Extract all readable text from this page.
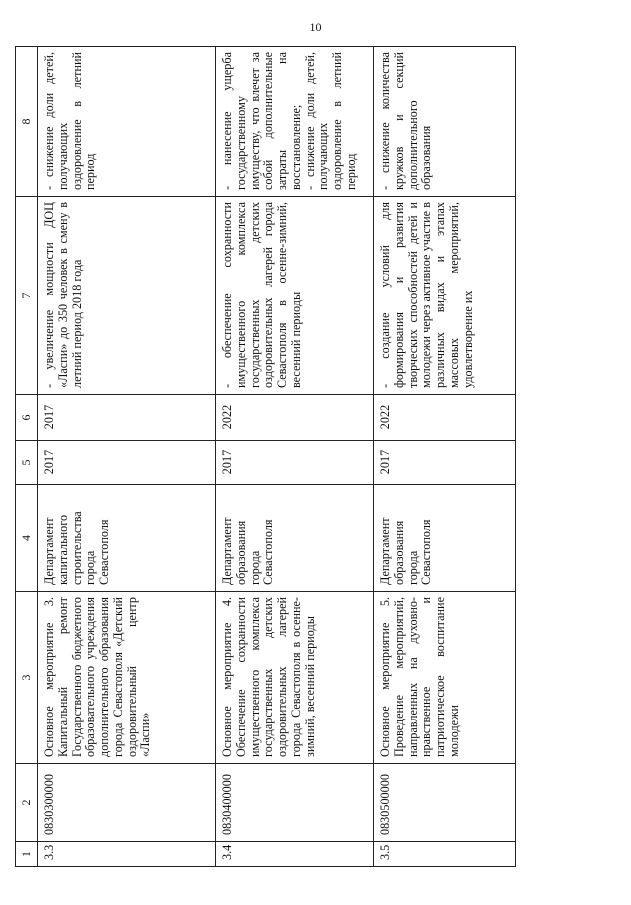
10
1	2	3	4	5	6	7	8
3.3	0830300000	Основное мероприятие 3. Капитальный ремонт Государственного бюджетного образовательного учреждения дополнительного образования города Севастополя «Детский оздоровительный центр «Ласпи»	Департамент капитального строительства города Севастополя	2017	2017	- увеличение мощности ДОЦ «Ласпи» до 350 человек в смену в летний период 2018 года	- снижение доли детей, получающих оздоровление в летний период
3.4	0830400000	Основное мероприятие 4. Обеспечение сохранности имущественного комплекса государственных детских оздоровительных лагерей города Севастополя в осенне-зимний, весенний периоды	Департамент образования города Севастополя	2017	2022	- обеспечение сохранности имущественного комплекса государственных детских оздоровительных лагерей города Севастополя в осенне-зимний, весенний периоды	- нанесение ущерба государственному имуществу, что влечет за собой дополнительные затраты на восстановление;
- снижение доли детей, получающих оздоровление в летний период
3.5	0830500000	Основное мероприятие 5. Проведение мероприятий, направленных на духовно-нравственное и патриотическое воспитание молодежи	Департамент образования города Севастополя	2017	2022	- создание условий для формирования и развития творческих способностей детей и молодежи через активное участие в различных видах и этапах массовых мероприятий, удовлетворение их	- снижение количества кружков и секций дополнительного образования
